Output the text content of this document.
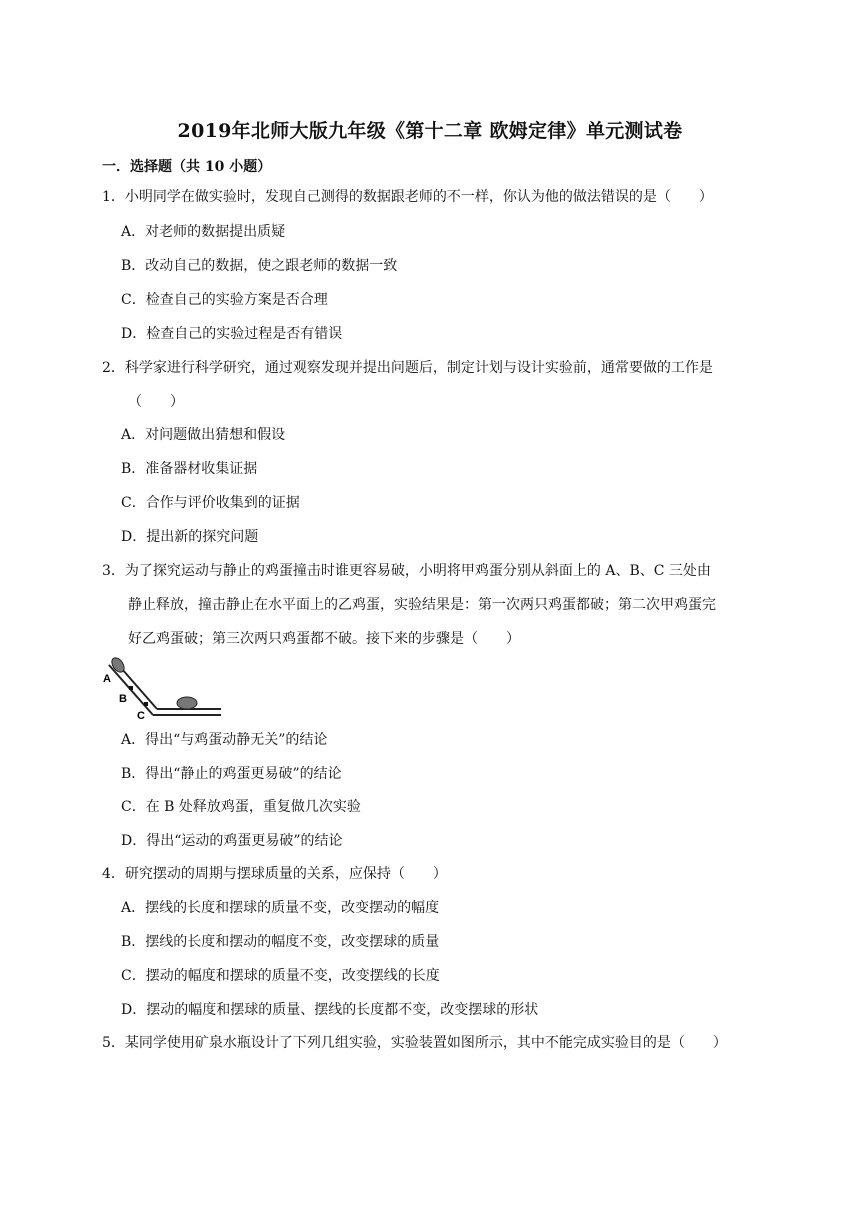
2019年北师大版九年级《第十二章 欧姆定律》单元测试卷
一．选择题（共 10 小题）
1．小明同学在做实验时，发现自己测得的数据跟老师的不一样，你认为他的做法错误的是（　　）
A．对老师的数据提出质疑
B．改动自己的数据，使之跟老师的数据一致
C．检查自己的实验方案是否合理
D．检查自己的实验过程是否有错误
2．科学家进行科学研究，通过观察发现并提出问题后，制定计划与设计实验前，通常要做的工作是
（　　）
A．对问题做出猜想和假设
B．准备器材收集证据
C．合作与评价收集到的证据
D．提出新的探究问题
3．为了探究运动与静止的鸡蛋撞击时谁更容易破，小明将甲鸡蛋分别从斜面上的 A、B、C 三处由
静止释放，撞击静止在水平面上的乙鸡蛋，实验结果是：第一次两只鸡蛋都破；第二次甲鸡蛋完
好乙鸡蛋破；第三次两只鸡蛋都不破。接下来的步骤是（　　）
A
B
C
A．得出“与鸡蛋动静无关”的结论
B．得出“静止的鸡蛋更易破”的结论
C．在 B 处释放鸡蛋，重复做几次实验
D．得出“运动的鸡蛋更易破”的结论
4．研究摆动的周期与摆球质量的关系，应保持（　　）
A．摆线的长度和摆球的质量不变，改变摆动的幅度
B．摆线的长度和摆动的幅度不变，改变摆球的质量
C．摆动的幅度和摆球的质量不变，改变摆线的长度
D．摆动的幅度和摆球的质量、摆线的长度都不变，改变摆球的形状
5．某同学使用矿泉水瓶设计了下列几组实验，实验装置如图所示，其中不能完成实验目的是（　　）
